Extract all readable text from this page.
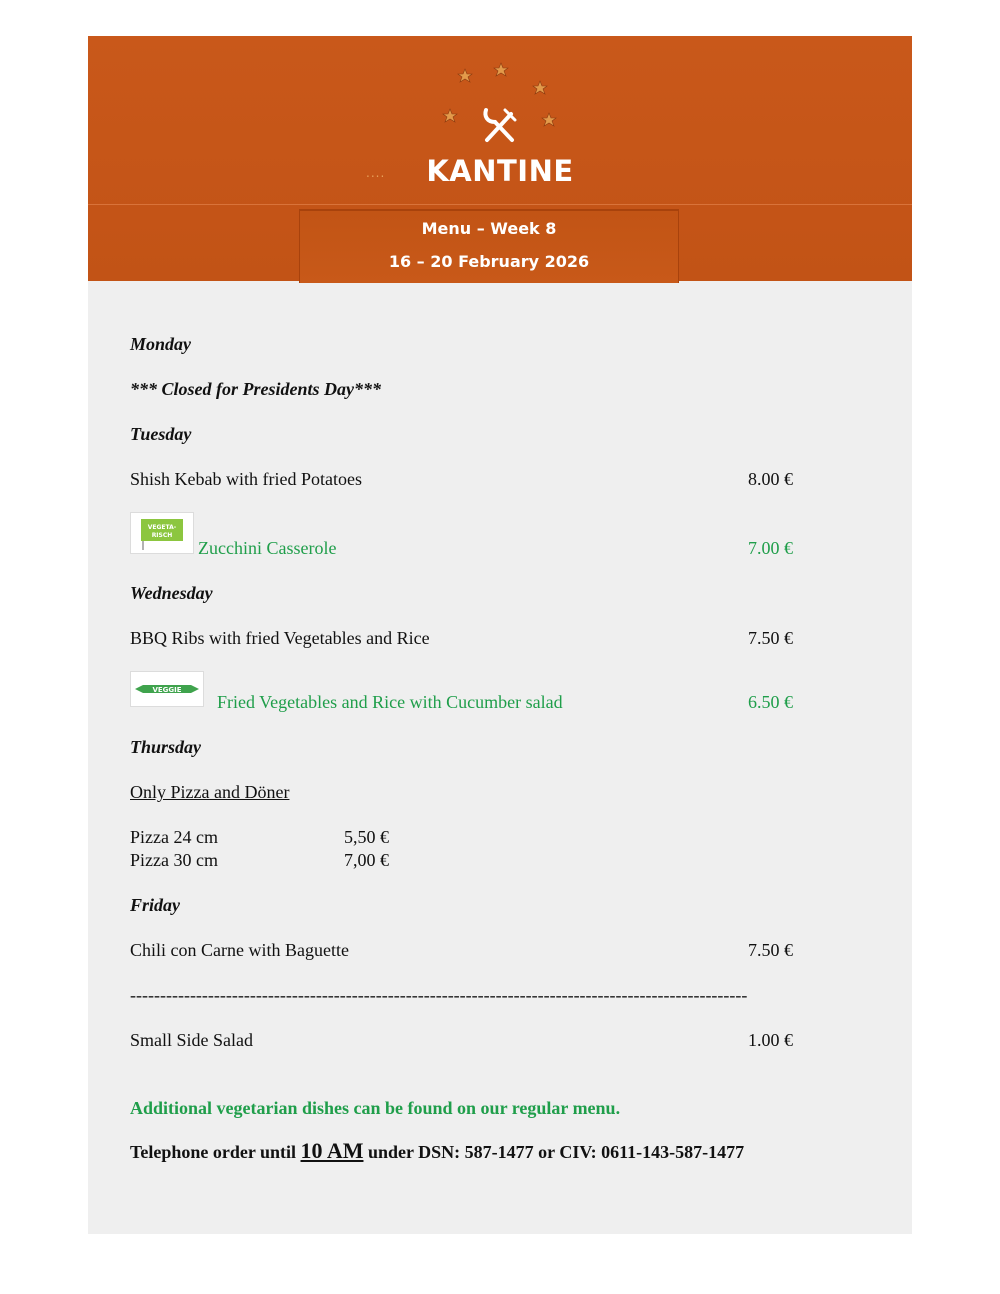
....	KANTINE
Menu – Week 8
16 – 20 February 2026
Monday
*** Closed for Presidents Day***
Tuesday
Shish Kebab with fried Potatoes	8.00 €
VEGETA-
RISCH
Zucchini Casserole	7.00 €
Wednesday
BBQ Ribs with fried Vegetables and Rice	7.50 €
VEGGIE
Fried Vegetables and Rice with Cucumber salad	6.50 €
Thursday
Only Pizza and Döner
Pizza 24 cm	5,50 €
Pizza 30 cm	7,00 €
Friday
Chili con Carne with Baguette	7.50 €
-------------------------------------------------------------------------------------------------------
Small Side Salad	1.00 €
Additional vegetarian dishes can be found on our regular menu.
Telephone order until 10 AM under DSN: 587-1477 or CIV: 0611-143-587-1477
